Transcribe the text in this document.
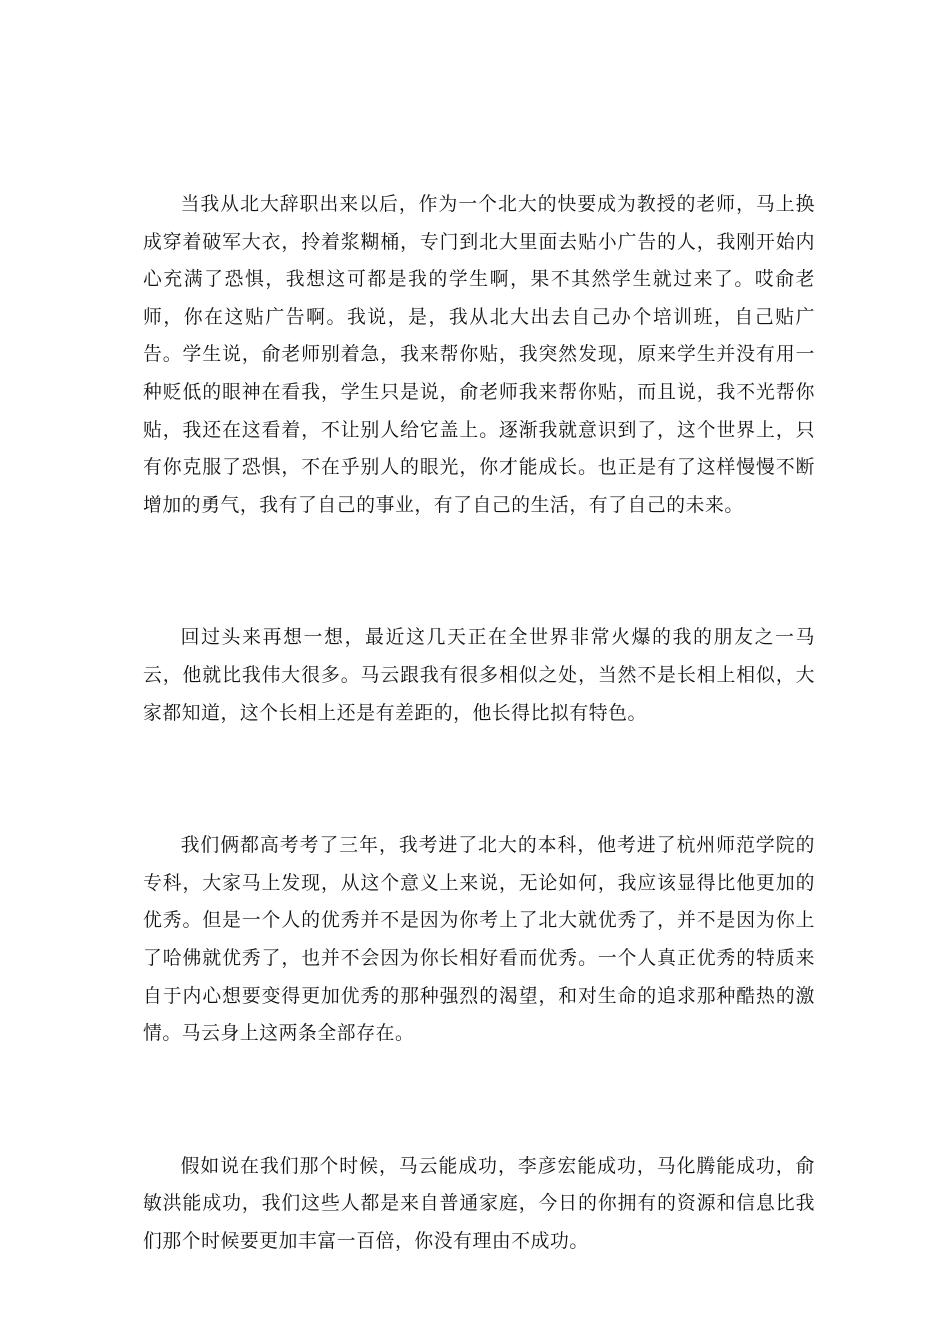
当我从北大辞职出来以后，作为一个北大的快要成为教授的老师，马上换成穿着破军大衣，拎着浆糊桶，专门到北大里面去贴小广告的人，我刚开始内心充满了恐惧，我想这可都是我的学生啊，果不其然学生就过来了。哎俞老师，你在这贴广告啊。我说，是，我从北大出去自己办个培训班，自己贴广告。学生说，俞老师别着急，我来帮你贴，我突然发现，原来学生并没有用一种贬低的眼神在看我，学生只是说，俞老师我来帮你贴，而且说，我不光帮你贴，我还在这看着，不让别人给它盖上。逐渐我就意识到了，这个世界上，只有你克服了恐惧，不在乎别人的眼光，你才能成长。也正是有了这样慢慢不断增加的勇气，我有了自己的事业，有了自己的生活，有了自己的未来。

回过头来再想一想，最近这几天正在全世界非常火爆的我的朋友之一马云，他就比我伟大很多。马云跟我有很多相似之处，当然不是长相上相似，大家都知道，这个长相上还是有差距的，他长得比拟有特色。

我们俩都高考考了三年，我考进了北大的本科，他考进了杭州师范学院的专科，大家马上发现，从这个意义上来说，无论如何，我应该显得比他更加的优秀。但是一个人的优秀并不是因为你考上了北大就优秀了，并不是因为你上了哈佛就优秀了，也并不会因为你长相好看而优秀。一个人真正优秀的特质来自于内心想要变得更加优秀的那种强烈的渴望，和对生命的追求那种酷热的激情。马云身上这两条全部存在。

假如说在我们那个时候，马云能成功，李彦宏能成功，马化腾能成功，俞敏洪能成功，我们这些人都是来自普通家庭，今日的你拥有的资源和信息比我们那个时候要更加丰富一百倍，你没有理由不成功。
